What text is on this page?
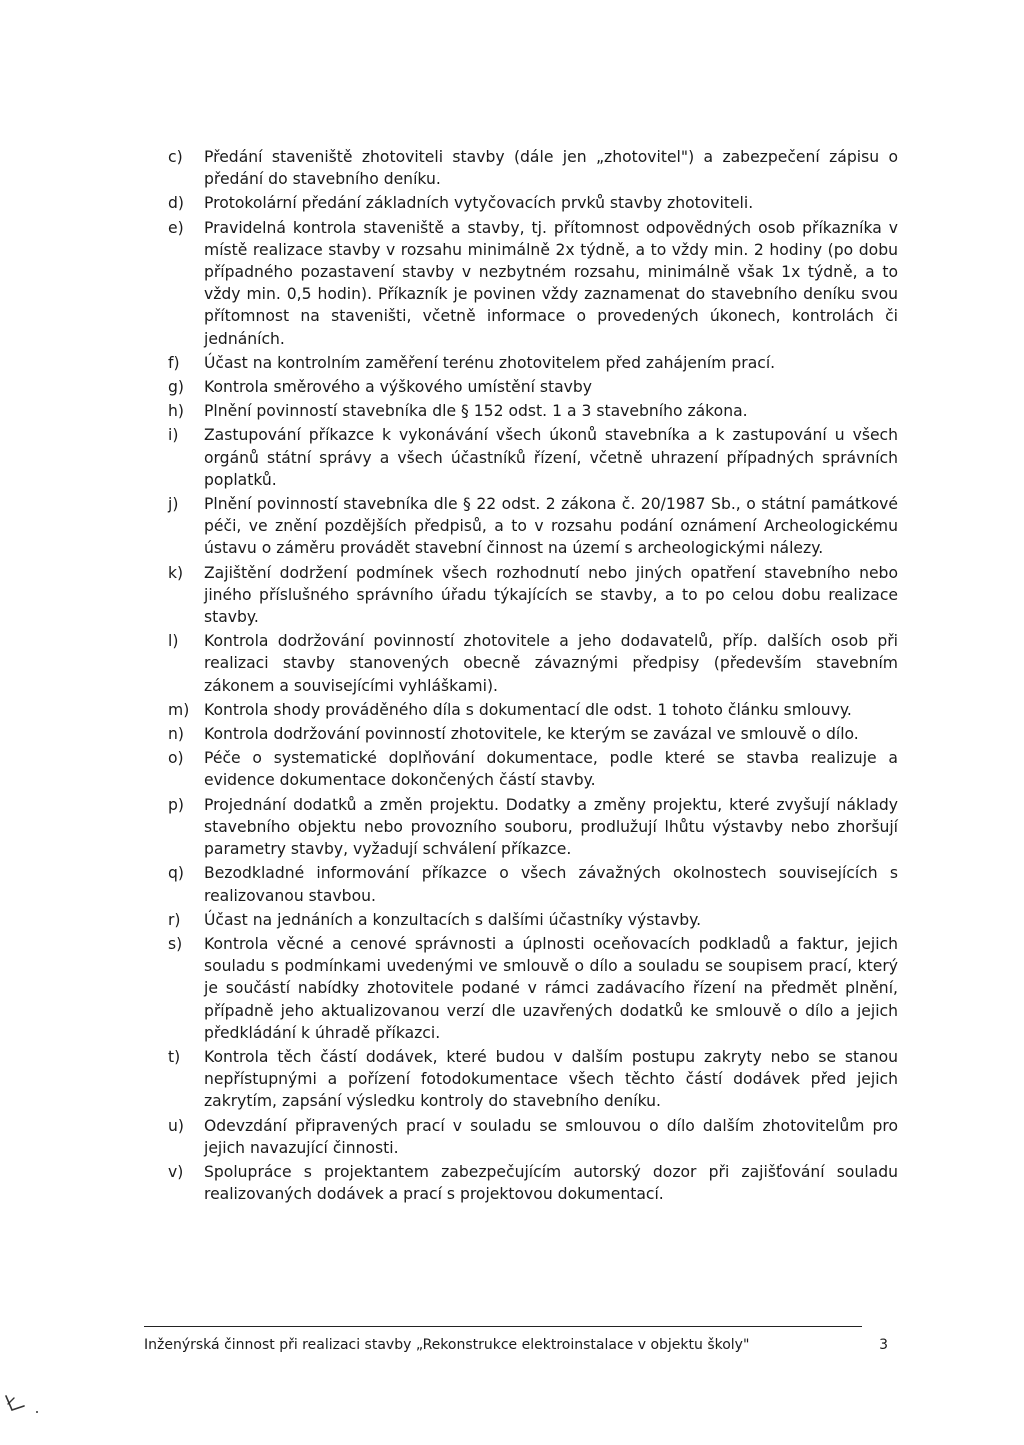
c)	Předání staveniště zhotoviteli stavby (dále jen „zhotovitel") a zabezpečení zápisu o předání do stavebního deníku.
d)	Protokolární předání základních vytyčovacích prvků stavby zhotoviteli.
e)	Pravidelná kontrola staveniště a stavby, tj. přítomnost odpovědných osob příkazníka v místě realizace stavby v rozsahu minimálně 2x týdně, a to vždy min. 2 hodiny (po dobu případného pozastavení stavby v nezbytném rozsahu, minimálně však 1x týdně, a to vždy min. 0,5 hodin). Příkazník je povinen vždy zaznamenat do stavebního deníku svou přítomnost na staveništi, včetně informace o provedených úkonech, kontrolách či jednáních.
f)	Účast na kontrolním zaměření terénu zhotovitelem před zahájením prací.
g)	Kontrola směrového a výškového umístění stavby
h)	Plnění povinností stavebníka dle § 152 odst. 1 a 3 stavebního zákona.
i)	Zastupování příkazce k vykonávání všech úkonů stavebníka a k zastupování u všech orgánů státní správy a všech účastníků řízení, včetně uhrazení případných správních poplatků.
j)	Plnění povinností stavebníka dle § 22 odst. 2 zákona č. 20/1987 Sb., o státní památkové péči, ve znění pozdějších předpisů, a to v rozsahu podání oznámení Archeologickému ústavu o záměru provádět stavební činnost na území s archeologickými nálezy.
k)	Zajištění dodržení podmínek všech rozhodnutí nebo jiných opatření stavebního nebo jiného příslušného správního úřadu týkajících se stavby, a to po celou dobu realizace stavby.
l)	Kontrola dodržování povinností zhotovitele a jeho dodavatelů, příp. dalších osob při realizaci stavby stanovených obecně závaznými předpisy (především stavebním zákonem a souvisejícími vyhláškami).
m) Kontrola shody prováděného díla s dokumentací dle odst. 1 tohoto článku smlouvy.
n)	Kontrola dodržování povinností zhotovitele, ke kterým se zavázal ve smlouvě o dílo.
o)	Péče o systematické doplňování dokumentace, podle které se stavba realizuje a evidence dokumentace dokončených částí stavby.
p)	Projednání dodatků a změn projektu. Dodatky a změny projektu, které zvyšují náklady stavebního objektu nebo provozního souboru, prodlužují lhůtu výstavby nebo zhoršují parametry stavby, vyžadují schválení příkazce.
q)	Bezodkladné informování příkazce o všech závažných okolnostech souvisejících s realizovanou stavbou.
r)	Účast na jednáních a konzultacích s dalšími účastníky výstavby.
s)	Kontrola věcné a cenové správnosti a úplnosti oceňovacích podkladů a faktur, jejich souladu s podmínkami uvedenými ve smlouvě o dílo a souladu se soupisem prací, který je součástí nabídky zhotovitele podané v rámci zadávacího řízení na předmět plnění, případně jeho aktualizovanou verzí dle uzavřených dodatků ke smlouvě o dílo a jejich předkládání k úhradě příkazci.
t)	Kontrola těch částí dodávek, které budou v dalším postupu zakryty nebo se stanou nepřístupnými a pořízení fotodokumentace všech těchto částí dodávek před jejich zakrytím, zapsání výsledku kontroly do stavebního deníku.
u)	Odevzdání připravených prací v souladu se smlouvou o dílo dalším zhotovitelům pro jejich navazující činnosti.
v)	Spolupráce s projektantem zabezpečujícím autorský dozor při zajišťování souladu realizovaných dodávek a prací s projektovou dokumentací.
Inženýrská činnost při realizaci stavby „Rekonstrukce elektroinstalace v objektu školy"	3
